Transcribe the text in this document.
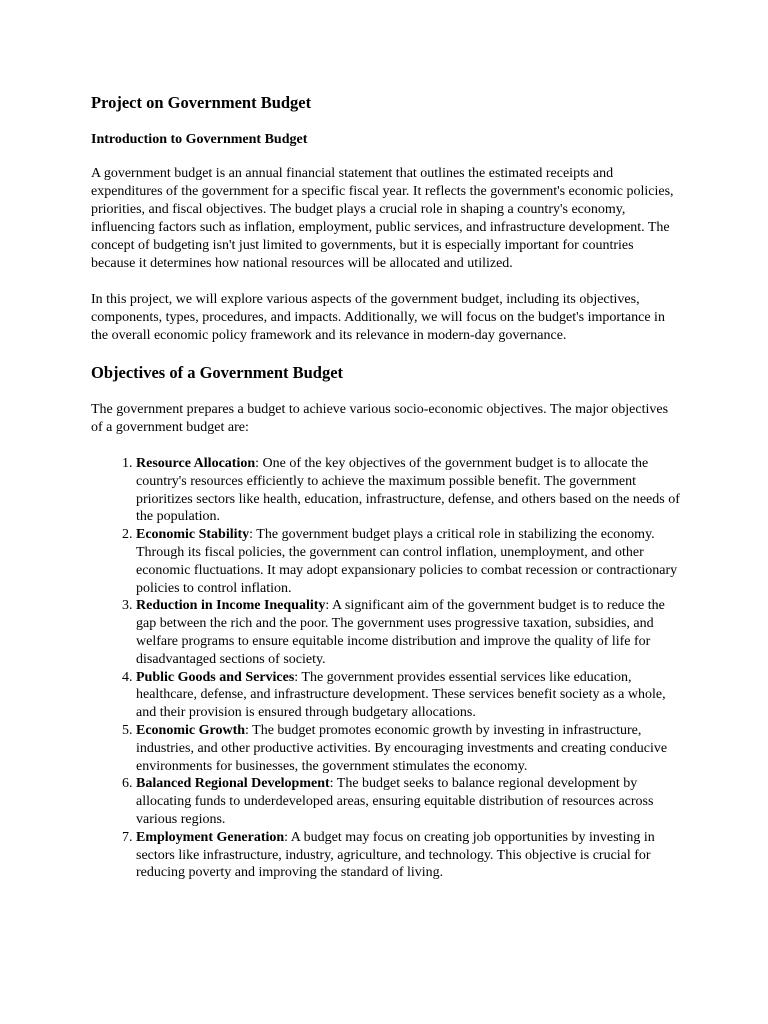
Project on Government Budget
Introduction to Government Budget

A government budget is an annual financial statement that outlines the estimated receipts and expenditures of the government for a specific fiscal year. It reflects the government's economic policies, priorities, and fiscal objectives. The budget plays a crucial role in shaping a country's economy, influencing factors such as inflation, employment, public services, and infrastructure development. The concept of budgeting isn't just limited to governments, but it is especially important for countries because it determines how national resources will be allocated and utilized.

In this project, we will explore various aspects of the government budget, including its objectives, components, types, procedures, and impacts. Additionally, we will focus on the budget's importance in the overall economic policy framework and its relevance in modern-day governance.

Objectives of a Government Budget

The government prepares a budget to achieve various socio-economic objectives. The major objectives of a government budget are:

1. Resource Allocation: One of the key objectives of the government budget is to allocate the country's resources efficiently to achieve the maximum possible benefit. The government prioritizes sectors like health, education, infrastructure, defense, and others based on the needs of the population.
2. Economic Stability: The government budget plays a critical role in stabilizing the economy. Through its fiscal policies, the government can control inflation, unemployment, and other economic fluctuations. It may adopt expansionary policies to combat recession or contractionary policies to control inflation.
3. Reduction in Income Inequality: A significant aim of the government budget is to reduce the gap between the rich and the poor. The government uses progressive taxation, subsidies, and welfare programs to ensure equitable income distribution and improve the quality of life for disadvantaged sections of society.
4. Public Goods and Services: The government provides essential services like education, healthcare, defense, and infrastructure development. These services benefit society as a whole, and their provision is ensured through budgetary allocations.
5. Economic Growth: The budget promotes economic growth by investing in infrastructure, industries, and other productive activities. By encouraging investments and creating conducive environments for businesses, the government stimulates the economy.
6. Balanced Regional Development: The budget seeks to balance regional development by allocating funds to underdeveloped areas, ensuring equitable distribution of resources across various regions.
7. Employment Generation: A budget may focus on creating job opportunities by investing in sectors like infrastructure, industry, agriculture, and technology. This objective is crucial for reducing poverty and improving the standard of living.
